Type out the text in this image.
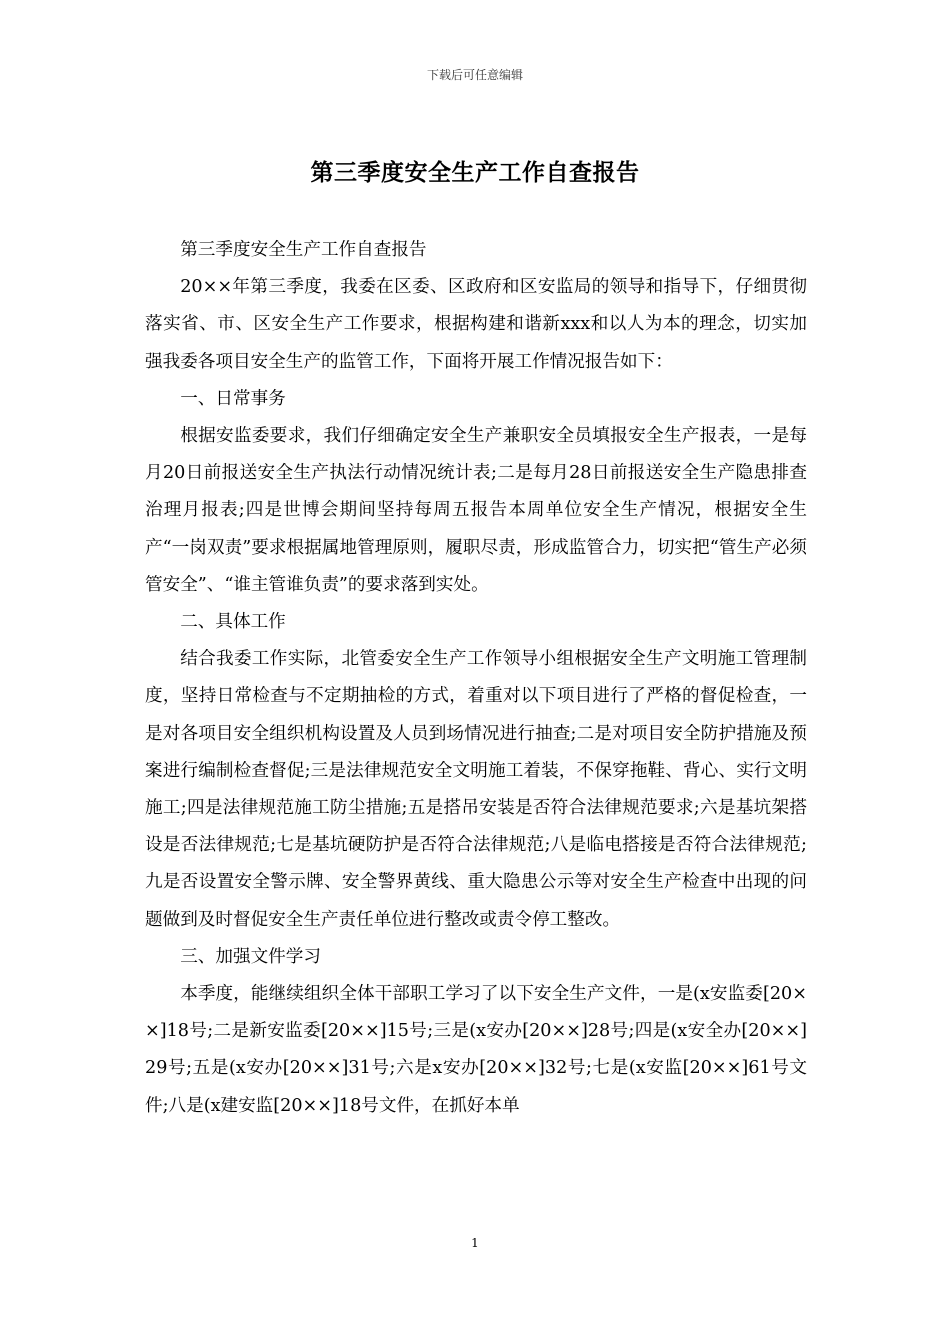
下载后可任意编辑
第三季度安全生产工作自查报告

第三季度安全生产工作自查报告

20××年第三季度，我委在区委、区政府和区安监局的领导和指导下，仔细贯彻落实省、市、区安全生产工作要求，根据构建和谐新xxx和以人为本的理念，切实加强我委各项目安全生产的监管工作，下面将开展工作情况报告如下：

一、日常事务

根据安监委要求，我们仔细确定安全生产兼职安全员填报安全生产报表，一是每月20日前报送安全生产执法行动情况统计表;二是每月28日前报送安全生产隐患排查治理月报表;四是世博会期间坚持每周五报告本周单位安全生产情况，根据安全生产“一岗双责”要求根据属地管理原则，履职尽责，形成监管合力，切实把“管生产必须管安全”、“谁主管谁负责”的要求落到实处。

二、具体工作

结合我委工作实际，北管委安全生产工作领导小组根据安全生产文明施工管理制度，坚持日常检查与不定期抽检的方式，着重对以下项目进行了严格的督促检查，一是对各项目安全组织机构设置及人员到场情况进行抽查;二是对项目安全防护措施及预案进行编制检查督促;三是法律规范安全文明施工着装，不保穿拖鞋、背心、实行文明施工;四是法律规范施工防尘措施;五是搭吊安装是否符合法律规范要求;六是基坑架搭设是否法律规范;七是基坑硬防护是否符合法律规范;八是临电搭接是否符合法律规范;九是否设置安全警示牌、安全警界黄线、重大隐患公示等对安全生产检查中出现的问题做到及时督促安全生产责任单位进行整改或责令停工整改。

三、加强文件学习

本季度，能继续组织全体干部职工学习了以下安全生产文件，一是(x安监委[20××]18号;二是新安监委[20××]15号;三是(x安办[20××]28号;四是(x安全办[20××]29号;五是(x安办[20××]31号;六是x安办[20××]32号;七是(x安监[20××]61号文件;八是(x建安监[20××]18号文件，在抓好本单

1
